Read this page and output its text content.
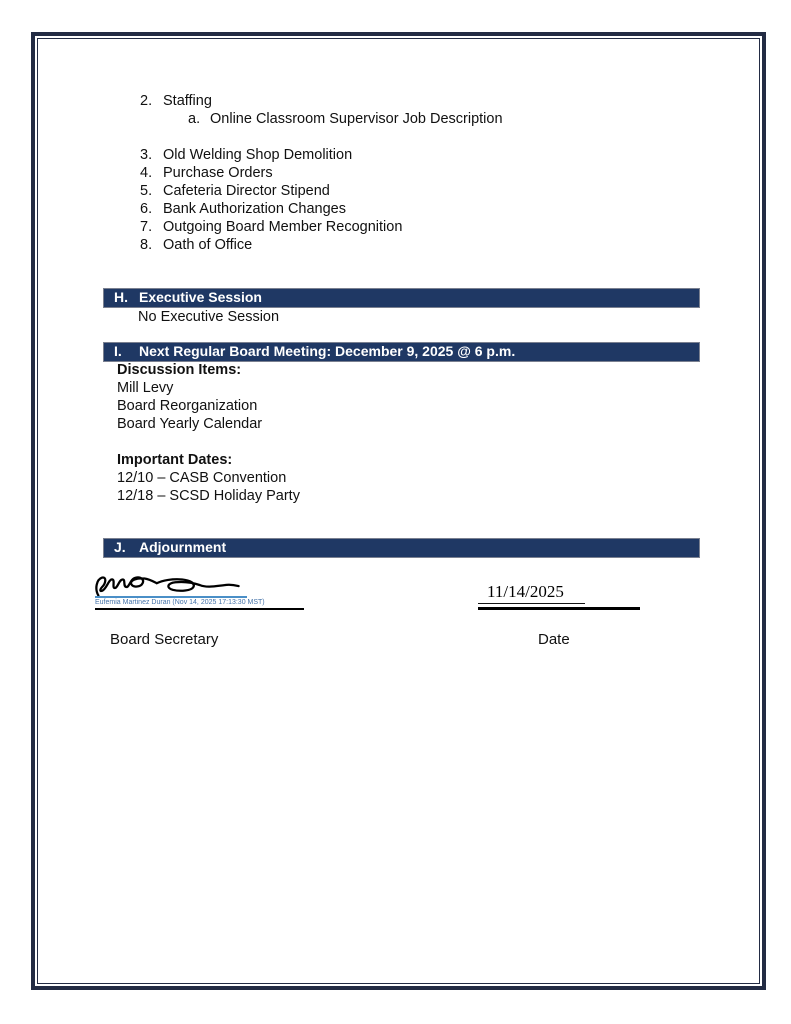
2. Staffing
a. Online Classroom Supervisor Job Description
3. Old Welding Shop Demolition
4. Purchase Orders
5. Cafeteria Director Stipend
6. Bank Authorization Changes
7. Outgoing Board Member Recognition
8. Oath of Office
H. Executive Session
No Executive Session
I. Next Regular Board Meeting: December 9, 2025 @ 6 p.m.
Discussion Items:
Mill Levy
Board Reorganization
Board Yearly Calendar
Important Dates:
12/10 – CASB Convention
12/18 – SCSD Holiday Party
J. Adjournment
Eufemia Martinez Duran (Nov 14, 2025 17:13:30 MST)
Board Secretary
11/14/2025
Date
